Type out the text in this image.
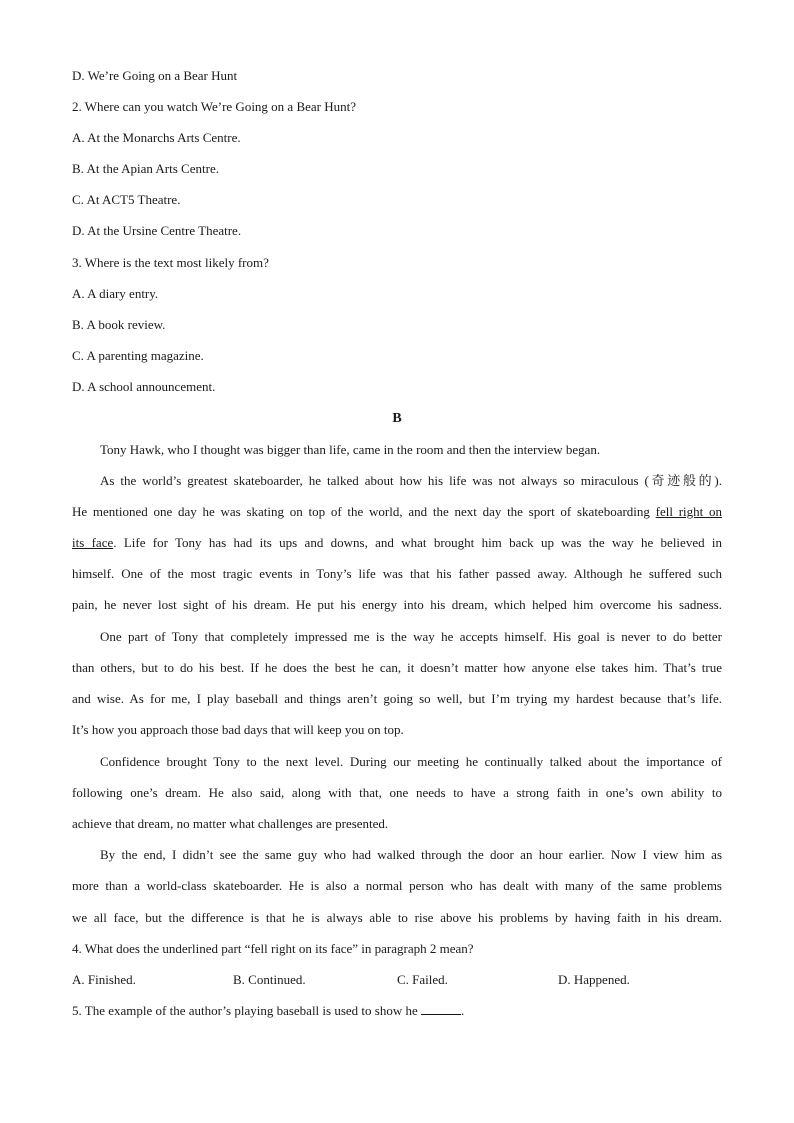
D. We’re Going on a Bear Hunt
2. Where can you watch We’re Going on a Bear Hunt?
A. At the Monarchs Arts Centre.
B. At the Apian Arts Centre.
C. At ACT5 Theatre.
D. At the Ursine Centre Theatre.
3. Where is the text most likely from?
A. A diary entry.
B. A book review.
C. A parenting magazine.
D. A school announcement.
B
Tony Hawk, who I thought was bigger than life, came in the room and then the interview began.
As the world’s greatest skateboarder, he talked about how his life was not always so miraculous (奇迹般的).
He mentioned one day he was skating on top of the world, and the next day the sport of skateboarding fell right on
its face. Life for Tony has had its ups and downs, and what brought him back up was the way he believed in
himself. One of the most tragic events in Tony’s life was that his father passed away. Although he suffered such
pain, he never lost sight of his dream. He put his energy into his dream, which helped him overcome his sadness.
One part of Tony that completely impressed me is the way he accepts himself. His goal is never to do better
than others, but to do his best. If he does the best he can, it doesn’t matter how anyone else takes him. That’s true
and wise. As for me, I play baseball and things aren’t going so well, but I’m trying my hardest because that’s life.
It’s how you approach those bad days that will keep you on top.
Confidence brought Tony to the next level. During our meeting he continually talked about the importance of
following one’s dream. He also said, along with that, one needs to have a strong faith in one’s own ability to
achieve that dream, no matter what challenges are presented.
By the end, I didn’t see the same guy who had walked through the door an hour earlier. Now I view him as
more than a world-class skateboarder. He is also a normal person who has dealt with many of the same problems
we all face, but the difference is that he is always able to rise above his problems by having faith in his dream.
4. What does the underlined part “fell right on its face” in paragraph 2 mean?
A. Finished.	B. Continued.	C. Failed.	D. Happened.
5. The example of the author’s playing baseball is used to show he	.
